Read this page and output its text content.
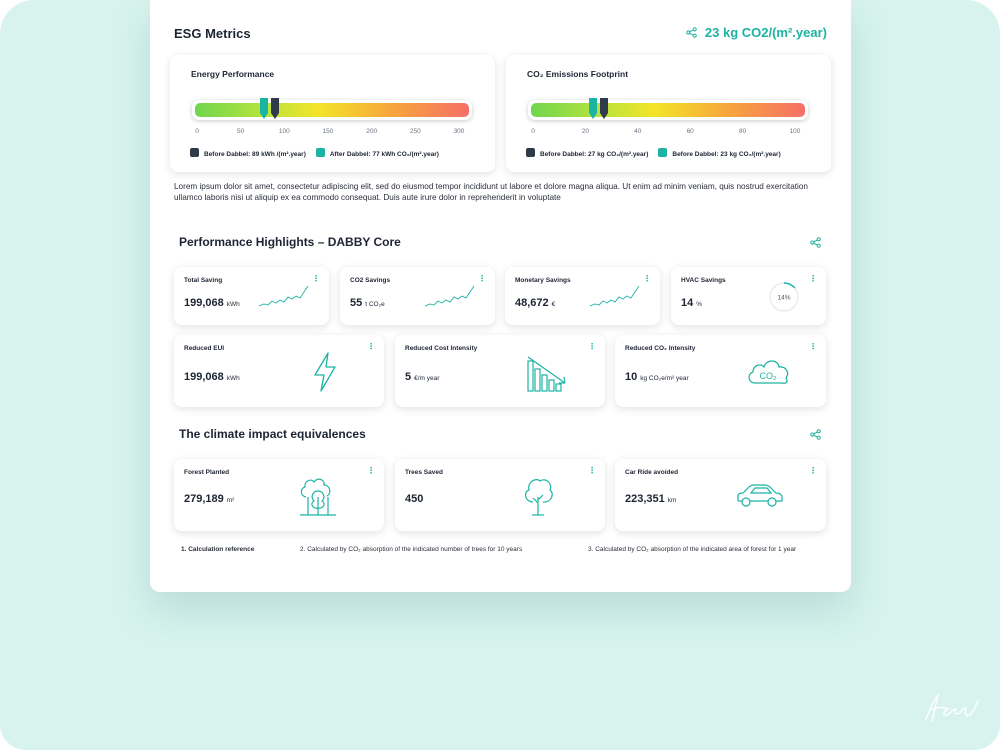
ESG Metrics	23 kg CO2/(m².year)
Energy Performance
0	50	100	150	200	250	300
Before Dabbel: 89 kWh /(m².year)	After Dabbel: 77 kWh CO₂/(m².year)
CO₂ Emissions Footprint
0	20	40	60	80	100
Before Dabbel: 27 kg CO₂/(m².year)	Before Dabbel: 23 kg CO₂/(m².year)
Lorem ipsum dolor sit amet, consectetur adipiscing elit, sed do eiusmod tempor incididunt ut labore et dolore magna aliqua. Ut enim ad minim veniam, quis nostrud exercitation ullamco laboris nisi ut aliquip ex ea commodo consequat. Duis aute irure dolor in reprehenderit in voluptate
Performance Highlights – DABBY Core
Total Saving	⋮
199,068 kWh
CO2 Savings	⋮
55 t CO₂e
Monetary Savings	⋮
48,672 €
HVAC Savings	⋮
14 %
14%
Reduced EUI	⋮
199,068 kWh
Reduced Cost Intensity	⋮
5 €/m year
Reduced CO₂ Intensity	⋮
10 kg CO₂e/m² year	CO₂
The climate impact equivalences
Forest Planted	⋮
279,189 m²
Trees Saved	⋮
450
Car Ride avoided	⋮
223,351 km
1. Calculation reference	2. Calculated by CO₂ absorption of the indicated number of trees for 10 years	3. Calculated by CO₂ absorption of the indicated area of forest for 1 year
